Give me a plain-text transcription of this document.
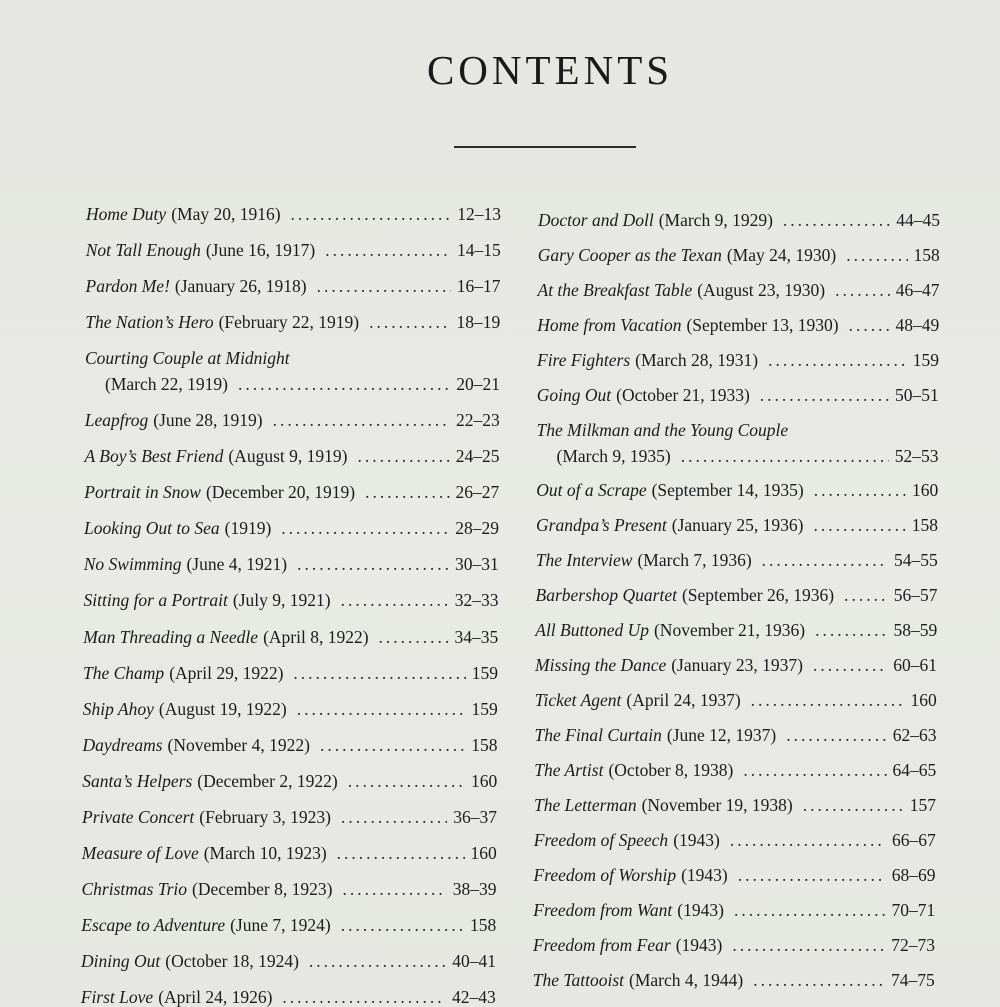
CONTENTS
Home Duty (May 20, 1916) .....	12–13
Not Tall Enough (June 16, 1917) .....	14–15
Pardon Me! (January 26, 1918) .....	16–17
The Nation’s Hero (February 22, 1919) .....	18–19
Courting Couple at Midnight
(March 22, 1919) .....	20–21
Leapfrog (June 28, 1919) .....	22–23
A Boy’s Best Friend (August 9, 1919) .....	24–25
Portrait in Snow (December 20, 1919) .....	26–27
Looking Out to Sea (1919) .....	28–29
No Swimming (June 4, 1921) .....	30–31
Sitting for a Portrait (July 9, 1921) .....	32–33
Man Threading a Needle (April 8, 1922) .....	34–35
The Champ (April 29, 1922) .....	159
Ship Ahoy (August 19, 1922) .....	159
Daydreams (November 4, 1922) .....	158
Santa’s Helpers (December 2, 1922) .....	160
Private Concert (February 3, 1923) .....	36–37
Measure of Love (March 10, 1923) .....	160
Christmas Trio (December 8, 1923) .....	38–39
Escape to Adventure (June 7, 1924) .....	158
Dining Out (October 18, 1924) .....	40–41
First Love (April 24, 1926) .....	42–43
Doctor and Doll (March 9, 1929) .....	44–45
Gary Cooper as the Texan (May 24, 1930) .....	158
At the Breakfast Table (August 23, 1930) .....	46–47
Home from Vacation (September 13, 1930) .....	48–49
Fire Fighters (March 28, 1931) .....	159
Going Out (October 21, 1933) .....	50–51
The Milkman and the Young Couple
(March 9, 1935) .....	52–53
Out of a Scrape (September 14, 1935) .....	160
Grandpa’s Present (January 25, 1936) .....	158
The Interview (March 7, 1936) .....	54–55
Barbershop Quartet (September 26, 1936) .....	56–57
All Buttoned Up (November 21, 1936) .....	58–59
Missing the Dance (January 23, 1937) .....	60–61
Ticket Agent (April 24, 1937) .....	160
The Final Curtain (June 12, 1937) .....	62–63
The Artist (October 8, 1938) .....	64–65
The Letterman (November 19, 1938) .....	157
Freedom of Speech (1943) .....	66–67
Freedom of Worship (1943) .....	68–69
Freedom from Want (1943) .....	70–71
Freedom from Fear (1943) .....	72–73
The Tattooist (March 4, 1944) .....	74–75
